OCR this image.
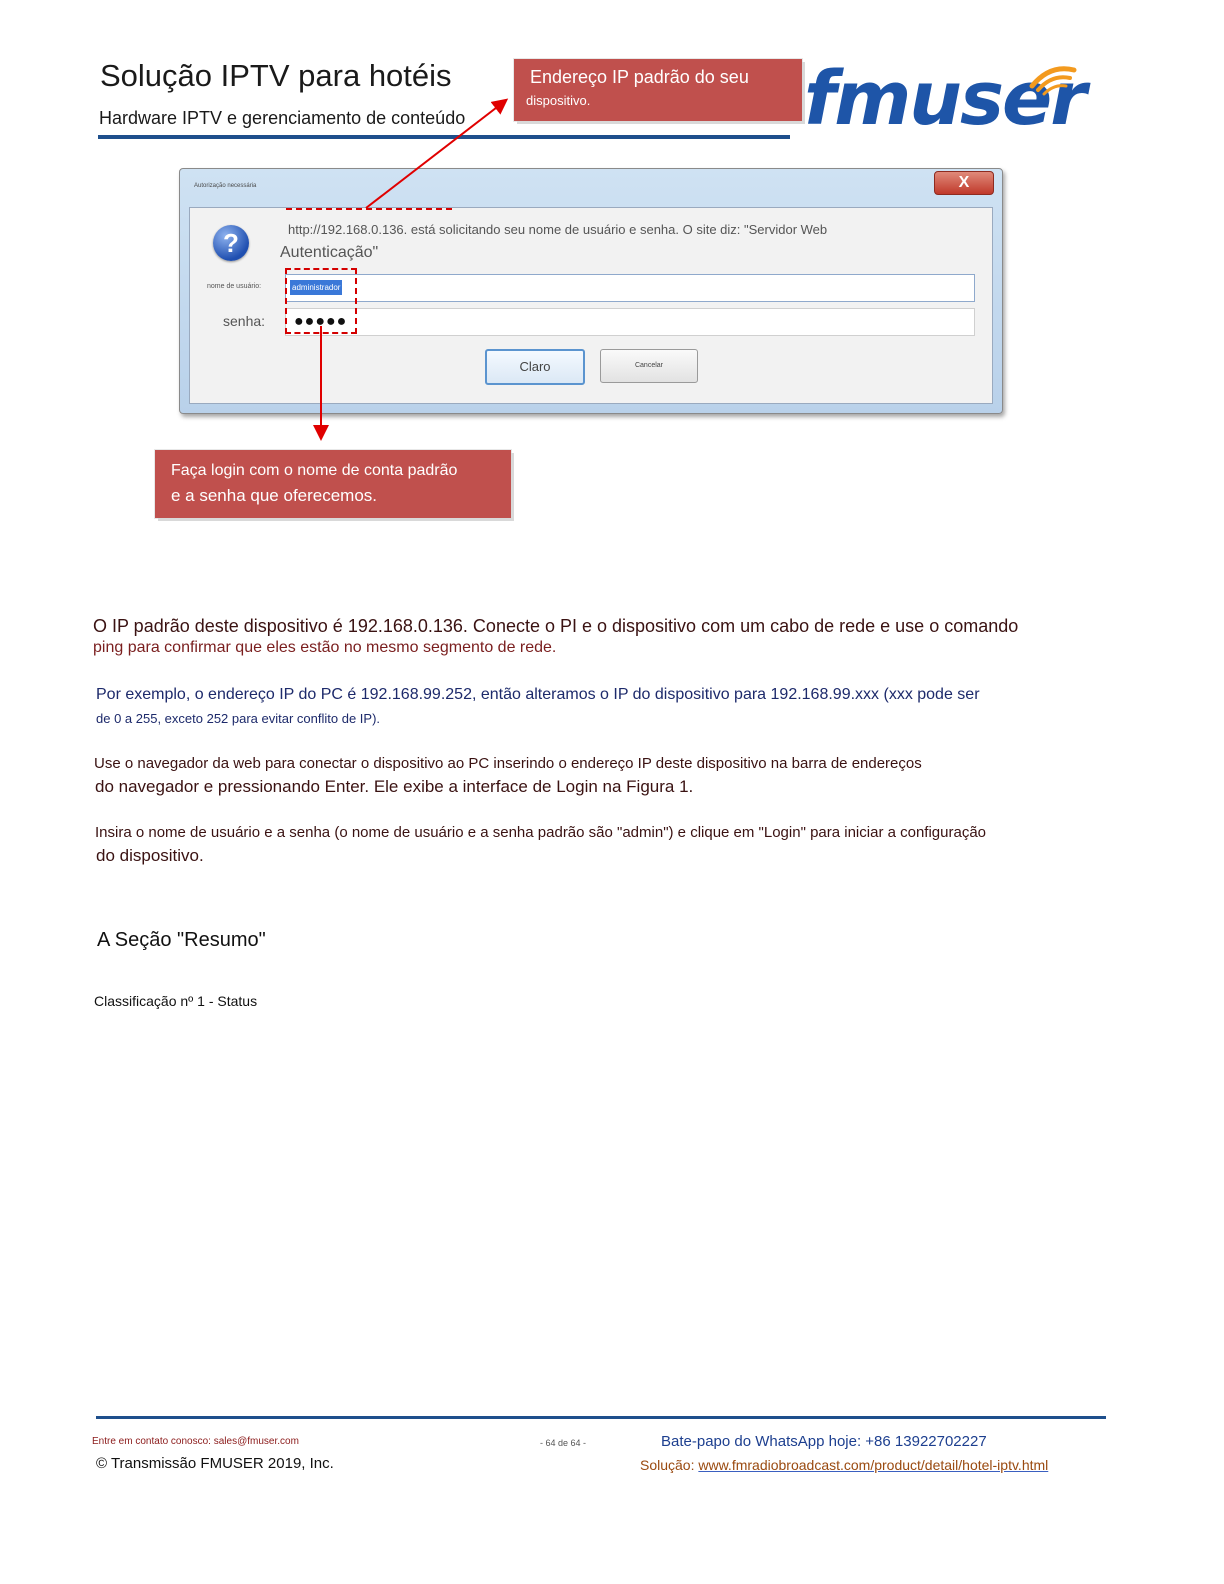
Solução IPTV para hotéis
Hardware IPTV e gerenciamento de conteúdo	fmuser
Endereço IP padrão do seu
dispositivo.
Autorização necessária	X
?	http://192.168.0.136. está solicitando seu nome de usuário e senha. O site diz: "Servidor Web
Autenticação"
nome de usuário:	administrador
senha: ●●●●●
Claro	Cancelar
Faça login com o nome de conta padrão
e a senha que oferecemos.
O IP padrão deste dispositivo é 192.168.0.136. Conecte o PI e o dispositivo com um cabo de rede e use o comando
ping para confirmar que eles estão no mesmo segmento de rede.
Por exemplo, o endereço IP do PC é 192.168.99.252, então alteramos o IP do dispositivo para 192.168.99.xxx (xxx pode ser
de 0 a 255, exceto 252 para evitar conflito de IP).
Use o navegador da web para conectar o dispositivo ao PC inserindo o endereço IP deste dispositivo na barra de endereços
do navegador e pressionando Enter. Ele exibe a interface de Login na Figura 1.
Insira o nome de usuário e a senha (o nome de usuário e a senha padrão são "admin") e clique em "Login" para iniciar a configuração
do dispositivo.
A Seção "Resumo"
Classificação nº 1 - Status
Entre em contato conosco: sales@fmuser.com
© Transmissão FMUSER 2019, Inc.
- 64 de 64 -	Bate-papo do WhatsApp hoje: +86 13922702227
Solução: www.fmradiobroadcast.com/product/detail/hotel-iptv.html
